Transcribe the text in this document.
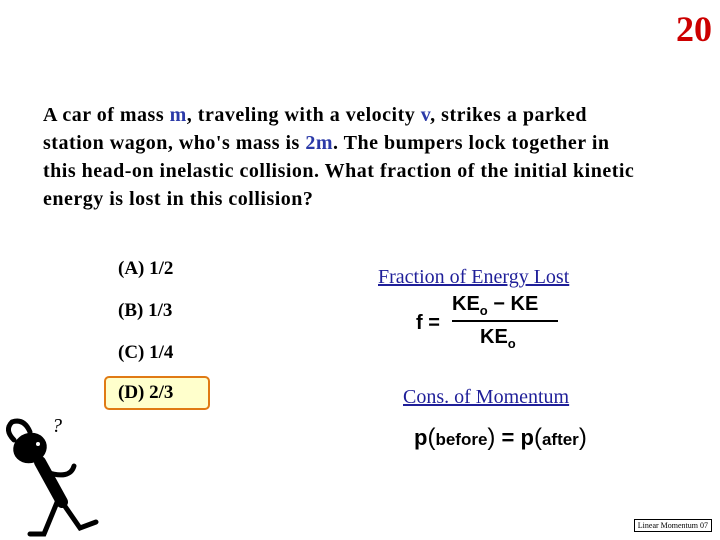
20
A car of mass m, traveling with a velocity v, strikes a parked station wagon, who's mass is 2m. The bumpers lock together in this head-on inelastic collision. What fraction of the initial kinetic energy is lost in this collision?
(A) 1/2
(B) 1/3
(C) 1/4
(D) 2/3
Fraction of Energy Lost
f =
$KE_o$ − KE
$KE_o$
Cons. of Momentum
p(before) = p(after)
?
Linear Momentum 07
